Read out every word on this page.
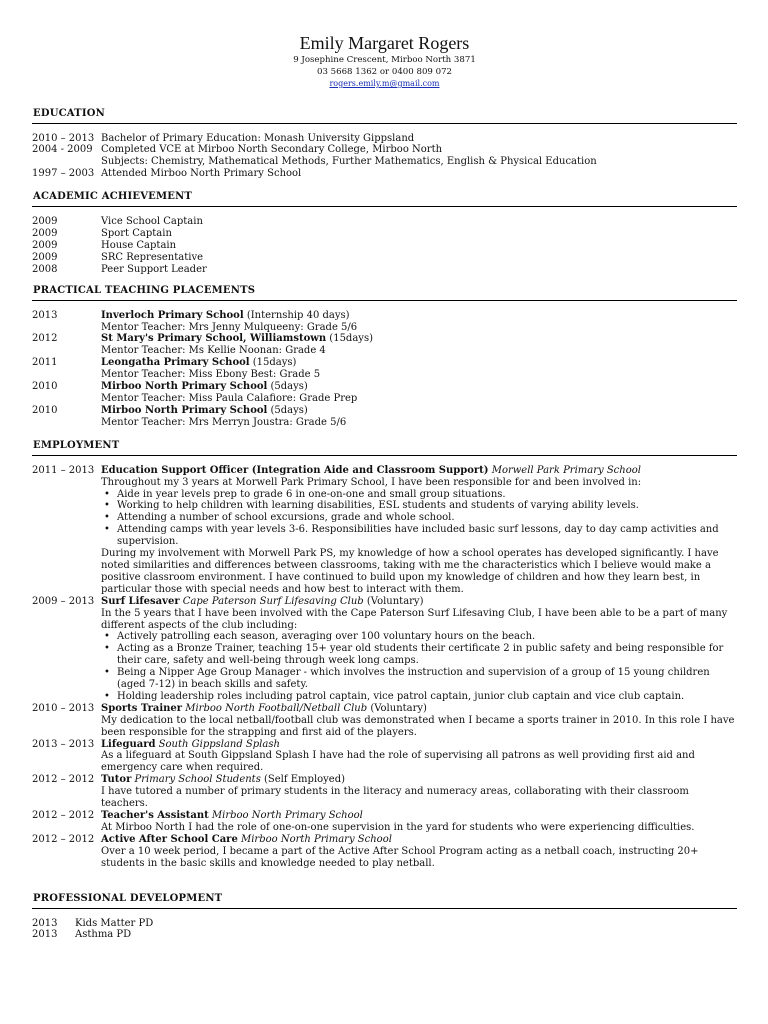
Emily Margaret Rogers
9 Josephine Crescent, Mirboo North 3871
03 5668 1362 or 0400 809 072
rogers.emily.m@gmail.com
EDUCATION
2010 – 2013 Bachelor of Primary Education: Monash University Gippsland
2004 - 2009 Completed VCE at Mirboo North Secondary College, Mirboo North
Subjects: Chemistry, Mathematical Methods, Further Mathematics, English & Physical Education
1997 – 2003 Attended Mirboo North Primary School
ACADEMIC ACHIEVEMENT
2009	Vice School Captain
2009	Sport Captain
2009	House Captain
2009	SRC Representative
2008	Peer Support Leader
PRACTICAL TEACHING PLACEMENTS
2013	Inverloch Primary School (Internship 40 days)
Mentor Teacher: Mrs Jenny Mulqueeny: Grade 5/6
2012	St Mary's Primary School, Williamstown (15days)
Mentor Teacher: Ms Kellie Noonan: Grade 4
2011	Leongatha Primary School (15days)
Mentor Teacher: Miss Ebony Best: Grade 5
2010	Mirboo North Primary School (5days)
Mentor Teacher: Miss Paula Calafiore: Grade Prep
2010	Mirboo North Primary School (5days)
Mentor Teacher: Mrs Merryn Joustra: Grade 5/6
EMPLOYMENT
2011 – 2013 Education Support Officer (Integration Aide and Classroom Support) Morwell Park Primary School
Throughout my 3 years at Morwell Park Primary School, I have been responsible for and been involved in:
• Aide in year levels prep to grade 6 in one-on-one and small group situations.
• Working to help children with learning disabilities, ESL students and students of varying ability levels.
• Attending a number of school excursions, grade and whole school.
• Attending camps with year levels 3-6. Responsibilities have included basic surf lessons, day to day camp activities and supervision.
During my involvement with Morwell Park PS, my knowledge of how a school operates has developed significantly. I have noted similarities and differences between classrooms, taking with me the characteristics which I believe would make a positive classroom environment. I have continued to build upon my knowledge of children and how they learn best, in particular those with special needs and how best to interact with them.
2009 – 2013 Surf Lifesaver Cape Paterson Surf Lifesaving Club (Voluntary)
In the 5 years that I have been involved with the Cape Paterson Surf Lifesaving Club, I have been able to be a part of many different aspects of the club including:
• Actively patrolling each season, averaging over 100 voluntary hours on the beach.
• Acting as a Bronze Trainer, teaching 15+ year old students their certificate 2 in public safety and being responsible for their care, safety and well-being through week long camps.
• Being a Nipper Age Group Manager - which involves the instruction and supervision of a group of 15 young children (aged 7-12) in beach skills and safety.
• Holding leadership roles including patrol captain, vice patrol captain, junior club captain and vice club captain.
2010 – 2013 Sports Trainer Mirboo North Football/Netball Club (Voluntary)
My dedication to the local netball/football club was demonstrated when I became a sports trainer in 2010. In this role I have been responsible for the strapping and first aid of the players.
2013 – 2013 Lifeguard South Gippsland Splash
As a lifeguard at South Gippsland Splash I have had the role of supervising all patrons as well providing first aid and emergency care when required.
2012 – 2012 Tutor Primary School Students (Self Employed)
I have tutored a number of primary students in the literacy and numeracy areas, collaborating with their classroom teachers.
2012 – 2012 Teacher's Assistant Mirboo North Primary School
At Mirboo North I had the role of one-on-one supervision in the yard for students who were experiencing difficulties.
2012 – 2012 Active After School Care Mirboo North Primary School
Over a 10 week period, I became a part of the Active After School Program acting as a netball coach, instructing 20+ students in the basic skills and knowledge needed to play netball.
PROFESSIONAL DEVELOPMENT
2013	Kids Matter PD
2013	Asthma PD
